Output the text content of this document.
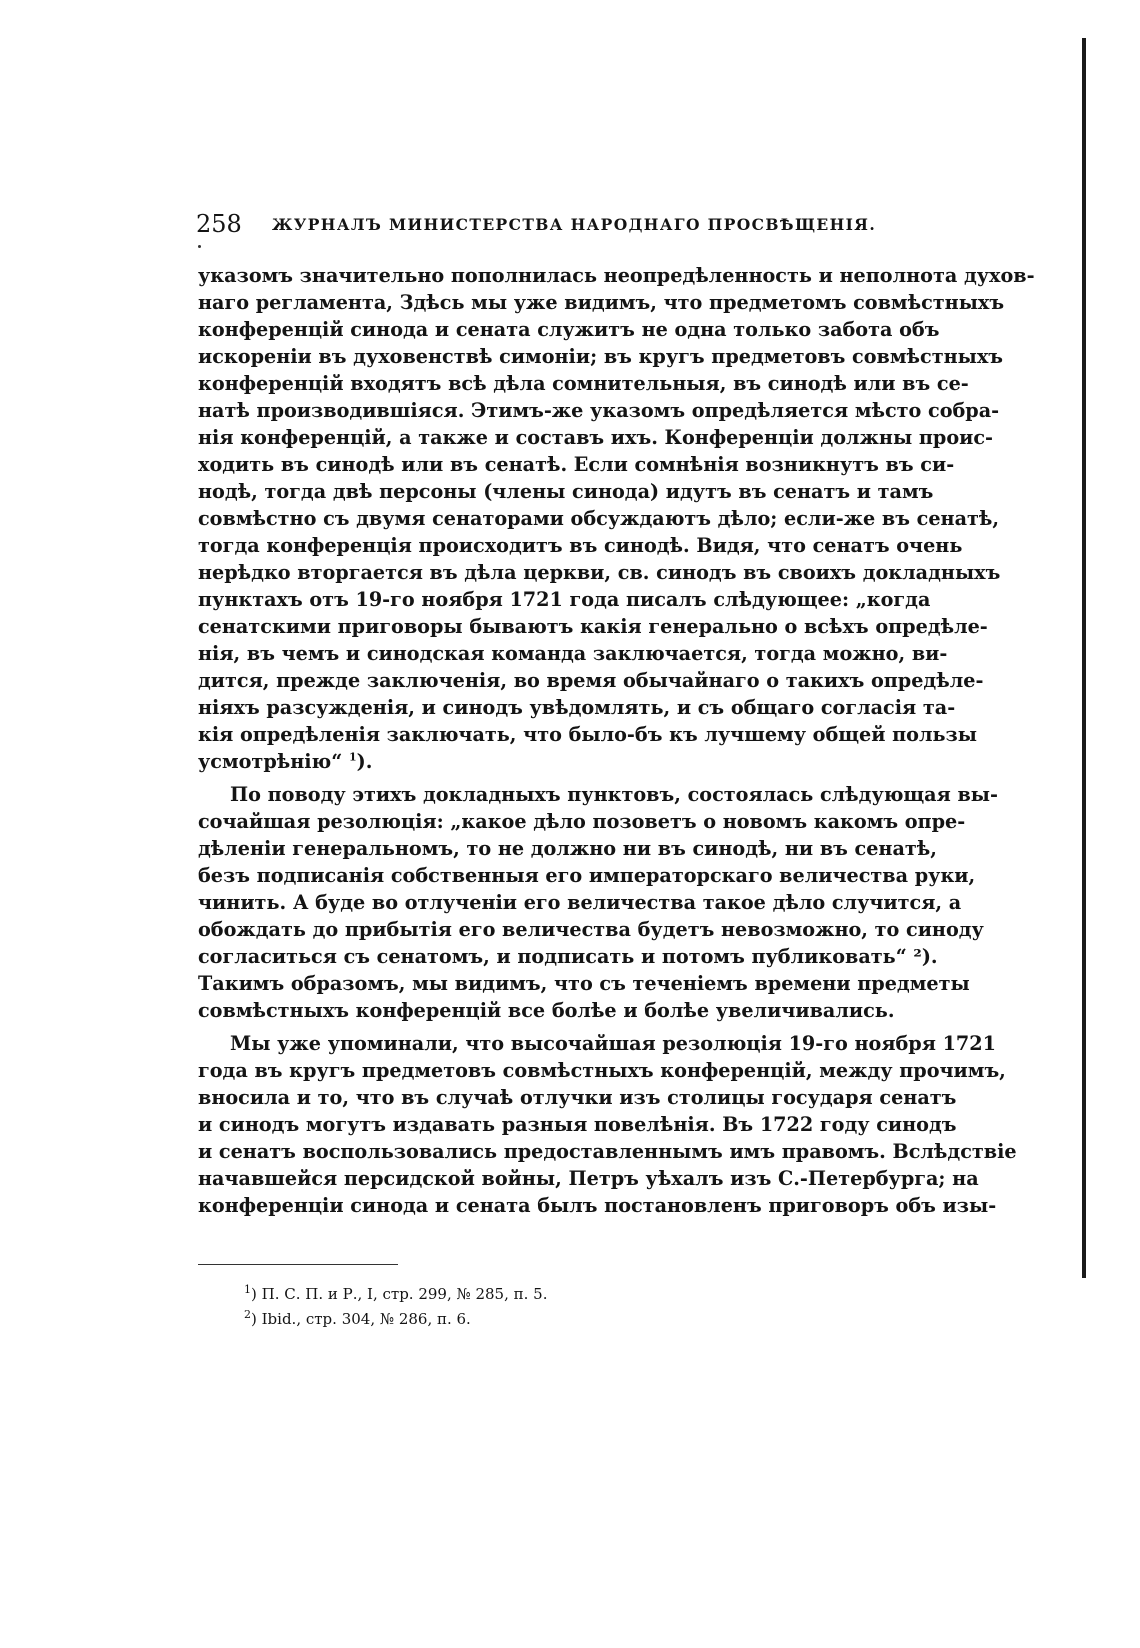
258 ЖУРНАЛЪ МИНИСТЕРСТВА НАРОДНАГО ПРОСВѢЩЕНІЯ.
указомъ значительно пополнилась неопредѣленность и неполнота духов-
наго регламента, Здѣсь мы уже видимъ, что предметомъ совмѣстныхъ
конференцій синода и сената служитъ не одна только забота объ
искореніи въ духовенствѣ симоніи; въ кругъ предметовъ совмѣстныхъ
конференцій входятъ всѣ дѣла сомнительныя, въ синодѣ или въ се-
натѣ производившіяся. Этимъ-же указомъ опредѣляется мѣсто собра-
нія конференцій, а также и составъ ихъ. Конференціи должны проис-
ходить въ синодѣ или въ сенатѣ. Если сомнѣнія возникнутъ въ си-
нодѣ, тогда двѣ персоны (члены синода) идутъ въ сенатъ и тамъ
совмѣстно съ двумя сенаторами обсуждаютъ дѣло; если-же въ сенатѣ,
тогда конференція происходитъ въ синодѣ. Видя, что сенатъ очень
нерѣдко вторгается въ дѣла церкви, св. синодъ въ своихъ докладныхъ
пунктахъ отъ 19-го ноября 1721 года писалъ слѣдующее: „когда
сенатскими приговоры бываютъ какія генерально о всѣхъ опредѣле-
нія, въ чемъ и синодская команда заключается, тогда можно, ви-
дится, прежде заключенія, во время обычайнаго о такихъ опредѣле-
ніяхъ разсужденія, и синодъ увѣдомлять, и съ общаго согласія та-
кія опредѣленія заключать, что было-бъ къ лучшему общей пользы
усмотрѣнію“ $^1$).
По поводу этихъ докладныхъ пунктовъ, состоялась слѣдующая вы-
сочайшая резолюція: „какое дѣло позоветъ о новомъ какомъ опре-
дѣленіи генеральномъ, то не должно ни въ синодѣ, ни въ сенатѣ,
безъ подписанія собственныя его императорскаго величества руки,
чинить. А буде во отлученіи его величества такое дѣло случится, а
обождать до прибытія его величества будетъ невозможно, то синоду
согласиться съ сенатомъ, и подписать и потомъ публиковать“ ²).
Такимъ образомъ, мы видимъ, что съ теченіемъ времени предметы
совмѣстныхъ конференцій все болѣе и болѣе увеличивались.
Мы уже упоминали, что высочайшая резолюція 19-го ноября 1721
года въ кругъ предметовъ совмѣстныхъ конференцій, между прочимъ,
вносила и то, что въ случаѣ отлучки изъ столицы государя сенатъ
и синодъ могутъ издавать разныя повелѣнія. Въ 1722 году синодъ
и сенатъ воспользовались предоставленнымъ имъ правомъ. Вслѣдствіе
начавшейся персидской войны, Петръ уѣхалъ изъ С.-Петербурга; на
конференціи синода и сената былъ постановленъ приговоръ объ изы-
$^1$) П. С. П. и Р., I, стр. 299, № 285, п. 5.
$^2$) Ibid., стр. 304, № 286, п. 6.
